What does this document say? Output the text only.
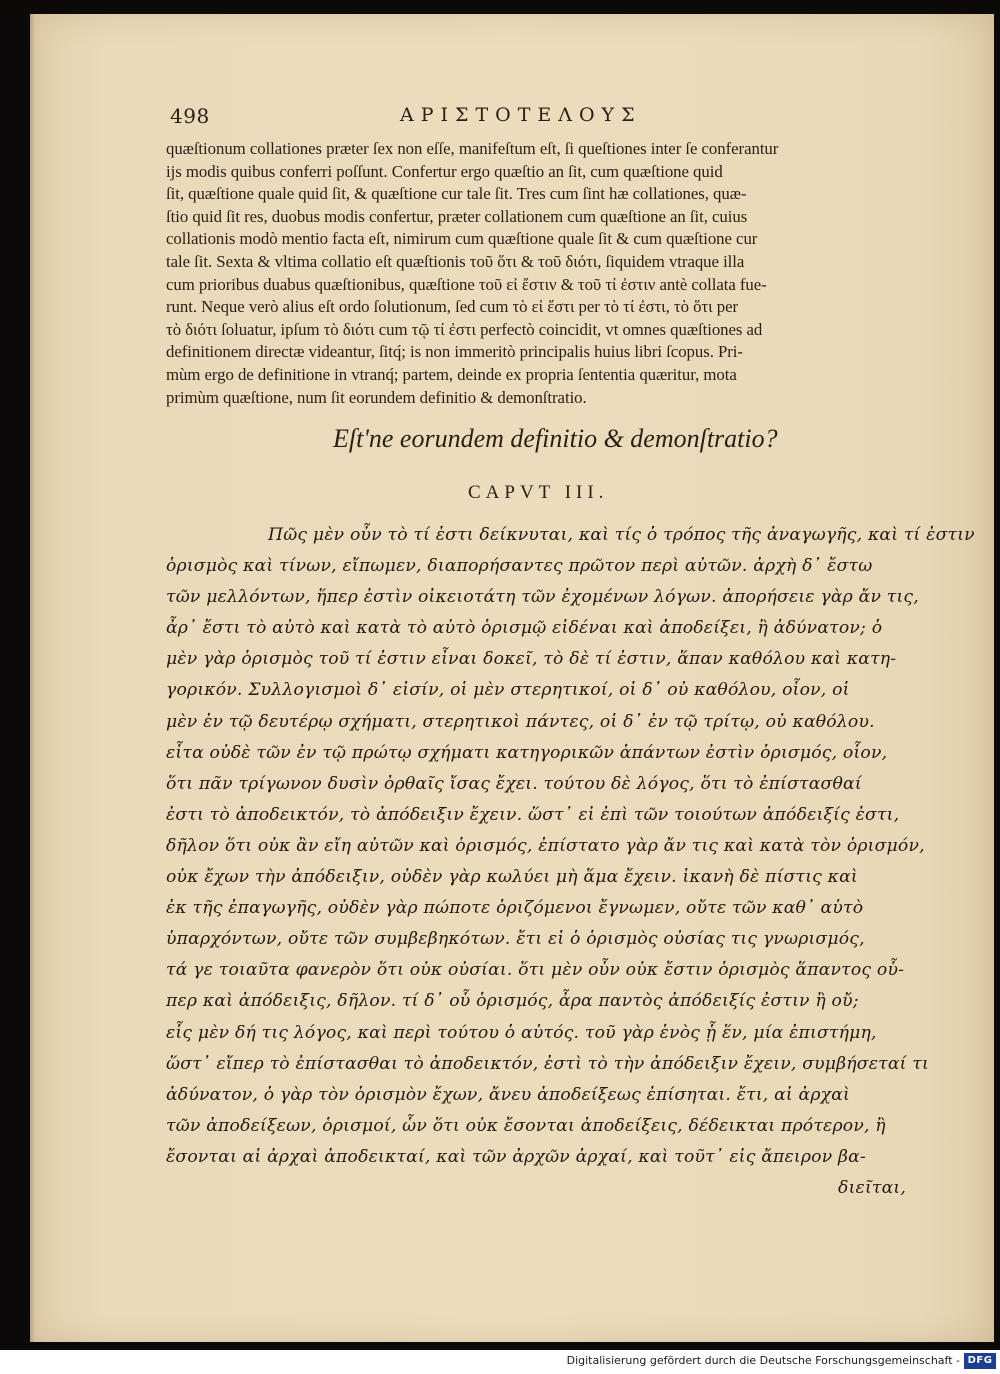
498	ΑΡΙΣΤΟΤΕΛΟΥΣ
quæſtionum collationes præter ſex non eſſe, manifeſtum eſt, ſi queſtiones inter ſe conferantur
ijs modis quibus conferri poſſunt. Confertur ergo quæſtio an ſit, cum quæſtione quid
ſit, quæſtione quale quid ſit, & quæſtione cur tale ſit. Tres cum ſint hæ collationes, quæ-
ſtio quid ſit res, duobus modis confertur, præter collationem cum quæſtione an ſit, cuius
collationis modò mentio facta eſt, nimirum cum quæſtione quale ſit & cum quæſtione cur
tale ſit. Sexta & vltima collatio eſt quæſtionis τοῦ ὅτι & τοῦ διότι, ſiquidem vtraque illa
cum prioribus duabus quæſtionibus, quæſtione τοῦ εἰ ἔστιν & τοῦ τί ἐστιν antè collata fue-
runt. Neque verò alius eſt ordo ſolutionum, ſed cum τὸ εἰ ἔστι per τὸ τί ἐστι, τὸ ὅτι per
τὸ διότι ſoluatur, ipſum τὸ διότι cum τῷ τί ἐστι perfectò coincidit, vt omnes quæſtiones ad
definitionem directæ videantur, ſitq́; is non immeritò principalis huius libri ſcopus. Pri-
mùm ergo de definitione in vtranq́; partem, deinde ex propria ſententia quæritur, mota
primùm quæſtione, num ſit eorundem definitio & demonſtratio.
Eſt'ne eorundem definitio & demonſtratio?
CAPVT III.
Πῶς μὲν οὖν τὸ τί ἐστι δείκνυται, καὶ τίς ὁ τρόπος τῆς ἀναγωγῆς, καὶ τί ἐστιν
ὁρισμὸς καὶ τίνων, εἴπωμεν, διαπορήσαντες πρῶτον περὶ αὐτῶν. ἀρχὴ δ᾽ ἔστω
τῶν μελλόντων, ἥπερ ἐστὶν οἰκειοτάτη τῶν ἐχομένων λόγων. ἀπορήσειε γὰρ ἄν τις,
ἆρ᾽ ἔστι τὸ αὐτὸ καὶ κατὰ τὸ αὐτὸ ὁρισμῷ εἰδέναι καὶ ἀποδείξει, ἢ ἀδύνατον; ὁ
μὲν γὰρ ὁρισμὸς τοῦ τί ἐστιν εἶναι δοκεῖ, τὸ δὲ τί ἐστιν, ἅπαν καθόλου καὶ κατη-
γορικόν. Συλλογισμοὶ δ᾽ εἰσίν, οἱ μὲν στερητικοί, οἱ δ᾽ οὐ καθόλου, οἷον, οἱ
μὲν ἐν τῷ δευτέρῳ σχήματι, στερητικοὶ πάντες, οἱ δ᾽ ἐν τῷ τρίτῳ, οὐ καθόλου.
εἶτα οὐδὲ τῶν ἐν τῷ πρώτῳ σχήματι κατηγορικῶν ἁπάντων ἐστὶν ὁρισμός, οἷον,
ὅτι πᾶν τρίγωνον δυσὶν ὀρθαῖς ἴσας ἔχει. τούτου δὲ λόγος, ὅτι τὸ ἐπίστασθαί
ἐστι τὸ ἀποδεικτόν, τὸ ἀπόδειξιν ἔχειν. ὥστ᾽ εἰ ἐπὶ τῶν τοιούτων ἀπόδειξίς ἐστι,
δῆλον ὅτι οὐκ ἂν εἴη αὐτῶν καὶ ὁρισμός, ἐπίστατο γὰρ ἄν τις καὶ κατὰ τὸν ὁρισμόν,
οὐκ ἔχων τὴν ἀπόδειξιν, οὐδὲν γὰρ κωλύει μὴ ἅμα ἔχειν. ἱκανὴ δὲ πίστις καὶ
ἐκ τῆς ἐπαγωγῆς, οὐδὲν γὰρ πώποτε ὁριζόμενοι ἔγνωμεν, οὔτε τῶν καθ᾽ αὑτὸ
ὑπαρχόντων, οὔτε τῶν συμβεβηκότων. ἔτι εἰ ὁ ὁρισμὸς οὐσίας τις γνωρισμός,
τά γε τοιαῦτα φανερὸν ὅτι οὐκ οὐσίαι. ὅτι μὲν οὖν οὐκ ἔστιν ὁρισμὸς ἅπαντος οὗ-
περ καὶ ἀπόδειξις, δῆλον. τί δ᾽ οὗ ὁρισμός, ἆρα παντὸς ἀπόδειξίς ἐστιν ἢ οὔ;
εἷς μὲν δή τις λόγος, καὶ περὶ τούτου ὁ αὐτός. τοῦ γὰρ ἑνὸς ᾗ ἕν, μία ἐπιστήμη,
ὥστ᾽ εἴπερ τὸ ἐπίστασθαι τὸ ἀποδεικτόν, ἐστὶ τὸ τὴν ἀπόδειξιν ἔχειν, συμβήσεταί τι
ἀδύνατον, ὁ γὰρ τὸν ὁρισμὸν ἔχων, ἄνευ ἀποδείξεως ἐπίσηται. ἔτι, αἱ ἀρχαὶ
τῶν ἀποδείξεων, ὁρισμοί, ὧν ὅτι οὐκ ἔσονται ἀποδείξεις, δέδεικται πρότερον, ἢ
ἔσονται αἱ ἀρχαὶ ἀποδεικταί, καὶ τῶν ἀρχῶν ἀρχαί, καὶ τοῦτ᾽ εἰς ἄπειρον βα-
διεῖται,
Digitalisierung gefördert durch die Deutsche Forschungsgemeinschaft - DFG
